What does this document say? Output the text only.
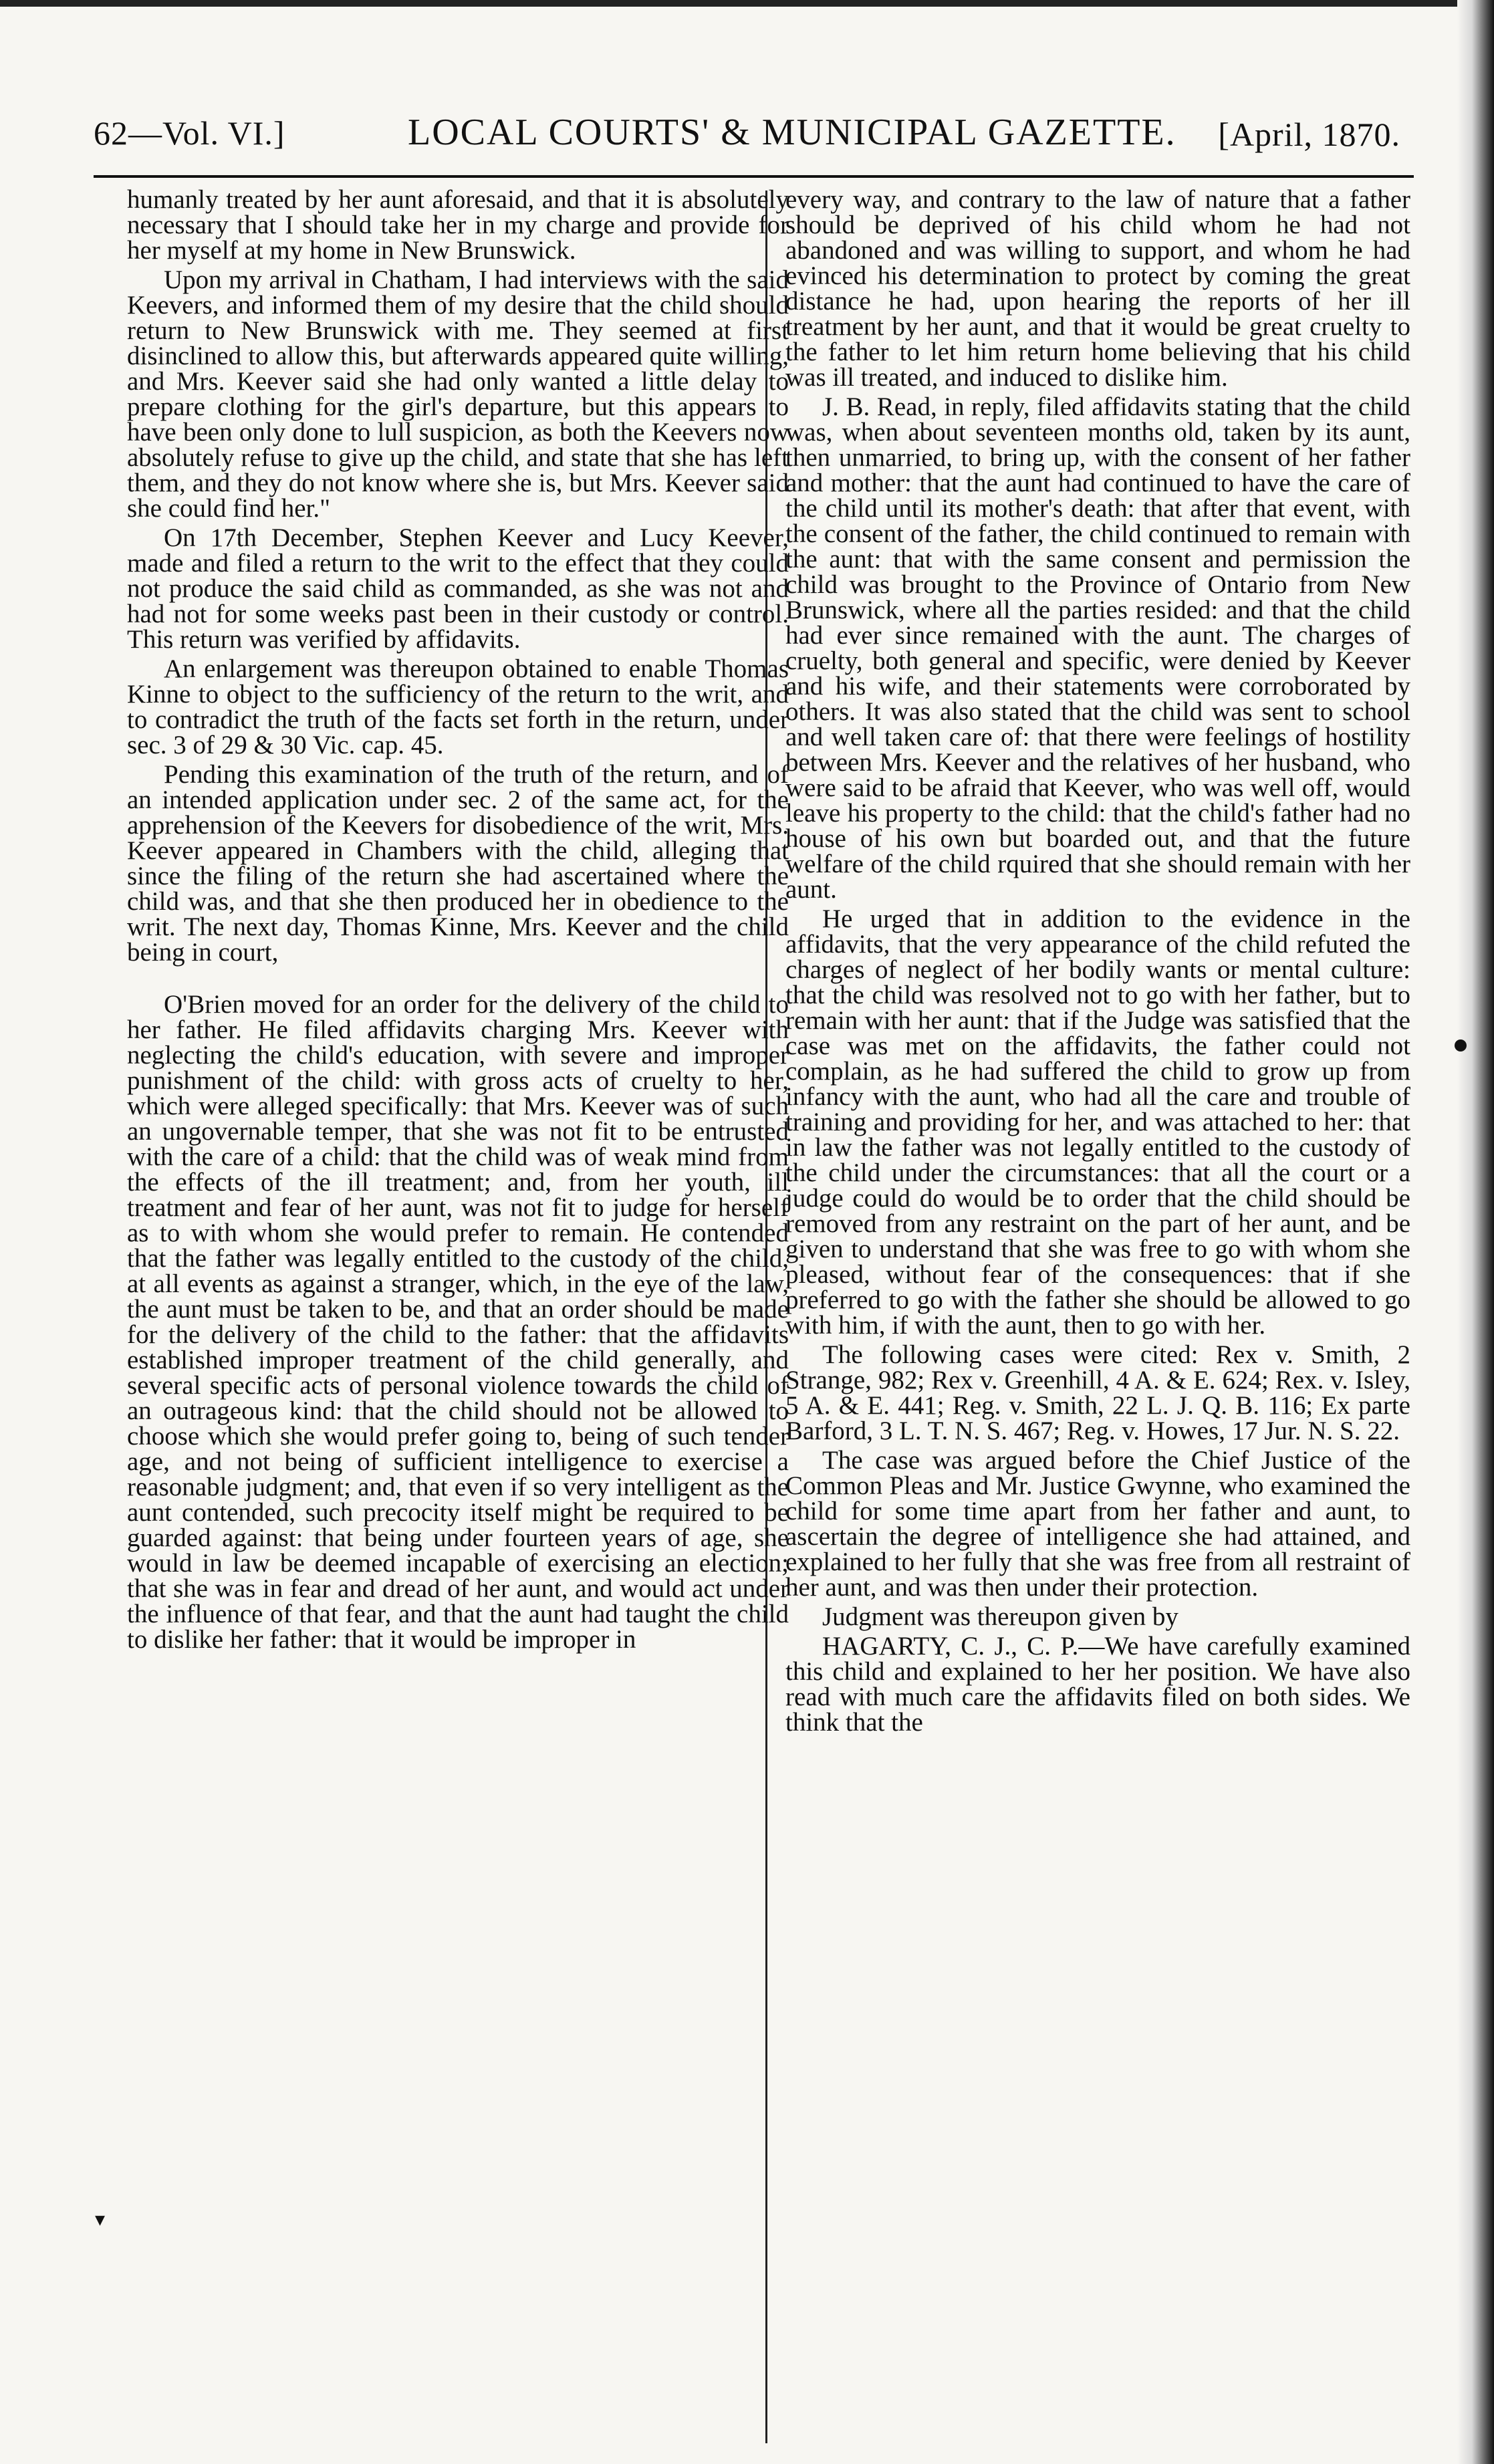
62—Vol. VI.]	LOCAL COURTS' & MUNICIPAL GAZETTE. [April, 1870.

humanly treated by her aunt aforesaid, and that it is absolutely necessary that I should take her in my charge and provide for her myself at my home in New Brunswick.

Upon my arrival in Chatham, I had interviews with the said Keevers, and informed them of my desire that the child should return to New Brunswick with me. They seemed at first disinclined to allow this, but afterwards appeared quite willing, and Mrs. Keever said she had only wanted a little delay to prepare clothing for the girl's departure, but this appears to have been only done to lull suspicion, as both the Keevers now absolutely refuse to give up the child, and state that she has left them, and they do not know where she is, but Mrs. Keever said she could find her."

On 17th December, Stephen Keever and Lucy Keever, made and filed a return to the writ to the effect that they could not produce the said child as commanded, as she was not and had not for some weeks past been in their custody or control. This return was verified by affidavits.

An enlargement was thereupon obtained to enable Thomas Kinne to object to the sufficiency of the return to the writ, and to contradict the truth of the facts set forth in the return, under sec. 3 of 29 & 30 Vic. cap. 45.

Pending this examination of the truth of the return, and of an intended application under sec. 2 of the same act, for the apprehension of the Keevers for disobedience of the writ, Mrs. Keever appeared in Chambers with the child, alleging that since the filing of the return she had ascertained where the child was, and that she then produced her in obedience to the writ. The next day, Thomas Kinne, Mrs. Keever and the child being in court,

O'Brien moved for an order for the delivery of the child to her father. He filed affidavits charging Mrs. Keever with neglecting the child's education, with severe and improper punishment of the child: with gross acts of cruelty to her, which were alleged specifically: that Mrs. Keever was of such an ungovernable temper, that she was not fit to be entrusted with the care of a child: that the child was of weak mind from the effects of the ill treatment; and, from her youth, ill treatment and fear of her aunt, was not fit to judge for herself as to with whom she would prefer to remain. He contended that the father was legally entitled to the custody of the child, at all events as against a stranger, which, in the eye of the law, the aunt must be taken to be, and that an order should be made for the delivery of the child to the father: that the affidavits established improper treatment of the child generally, and several specific acts of personal violence towards the child of an outrageous kind: that the child should not be allowed to choose which she would prefer going to, being of such tender age, and not being of sufficient intelligence to exercise a reasonable judgment; and, that even if so very intelligent as the aunt contended, such precocity itself might be required to be guarded against: that being under fourteen years of age, she would in law be deemed incapable of exercising an election; that she was in fear and dread of her aunt, and would act under the influence of that fear, and that the aunt had taught the child to dislike her father: that it would be improper in

every way, and contrary to the law of nature that a father should be deprived of his child whom he had not abandoned and was willing to support, and whom he had evinced his determination to protect by coming the great distance he had, upon hearing the reports of her ill treatment by her aunt, and that it would be great cruelty to the father to let him return home believing that his child was ill treated, and induced to dislike him.

J. B. Read, in reply, filed affidavits stating that the child was, when about seventeen months old, taken by its aunt, then unmarried, to bring up, with the consent of her father and mother: that the aunt had continued to have the care of the child until its mother's death: that after that event, with the consent of the father, the child continued to remain with the aunt: that with the same consent and permission the child was brought to the Province of Ontario from New Brunswick, where all the parties resided: and that the child had ever since remained with the aunt. The charges of cruelty, both general and specific, were denied by Keever and his wife, and their statements were corroborated by others. It was also stated that the child was sent to school and well taken care of: that there were feelings of hostility between Mrs. Keever and the relatives of her husband, who were said to be afraid that Keever, who was well off, would leave his property to the child: that the child's father had no house of his own but boarded out, and that the future welfare of the child rquired that she should remain with her aunt.

He urged that in addition to the evidence in the affidavits, that the very appearance of the child refuted the charges of neglect of her bodily wants or mental culture: that the child was resolved not to go with her father, but to remain with her aunt: that if the Judge was satisfied that the case was met on the affidavits, the father could not complain, as he had suffered the child to grow up from infancy with the aunt, who had all the care and trouble of training and providing for her, and was attached to her: that in law the father was not legally entitled to the custody of the child under the circumstances: that all the court or a judge could do would be to order that the child should be removed from any restraint on the part of her aunt, and be given to understand that she was free to go with whom she pleased, without fear of the consequences: that if she preferred to go with the father she should be allowed to go with him, if with the aunt, then to go with her.

The following cases were cited: Rex v. Smith, 2 Strange, 982; Rex v. Greenhill, 4 A. & E. 624; Rex. v. Isley, 5 A. & E. 441; Reg. v. Smith, 22 L. J. Q. B. 116; Ex parte Barford, 3 L. T. N. S. 467; Reg. v. Howes, 17 Jur. N. S. 22.

The case was argued before the Chief Justice of the Common Pleas and Mr. Justice Gwynne, who examined the child for some time apart from her father and aunt, to ascertain the degree of intelligence she had attained, and explained to her fully that she was free from all restraint of her aunt, and was then under their protection.

Judgment was thereupon given by

HAGARTY, C. J., C. P.—We have carefully examined this child and explained to her her position. We have also read with much care the affidavits filed on both sides. We think that the

▾
